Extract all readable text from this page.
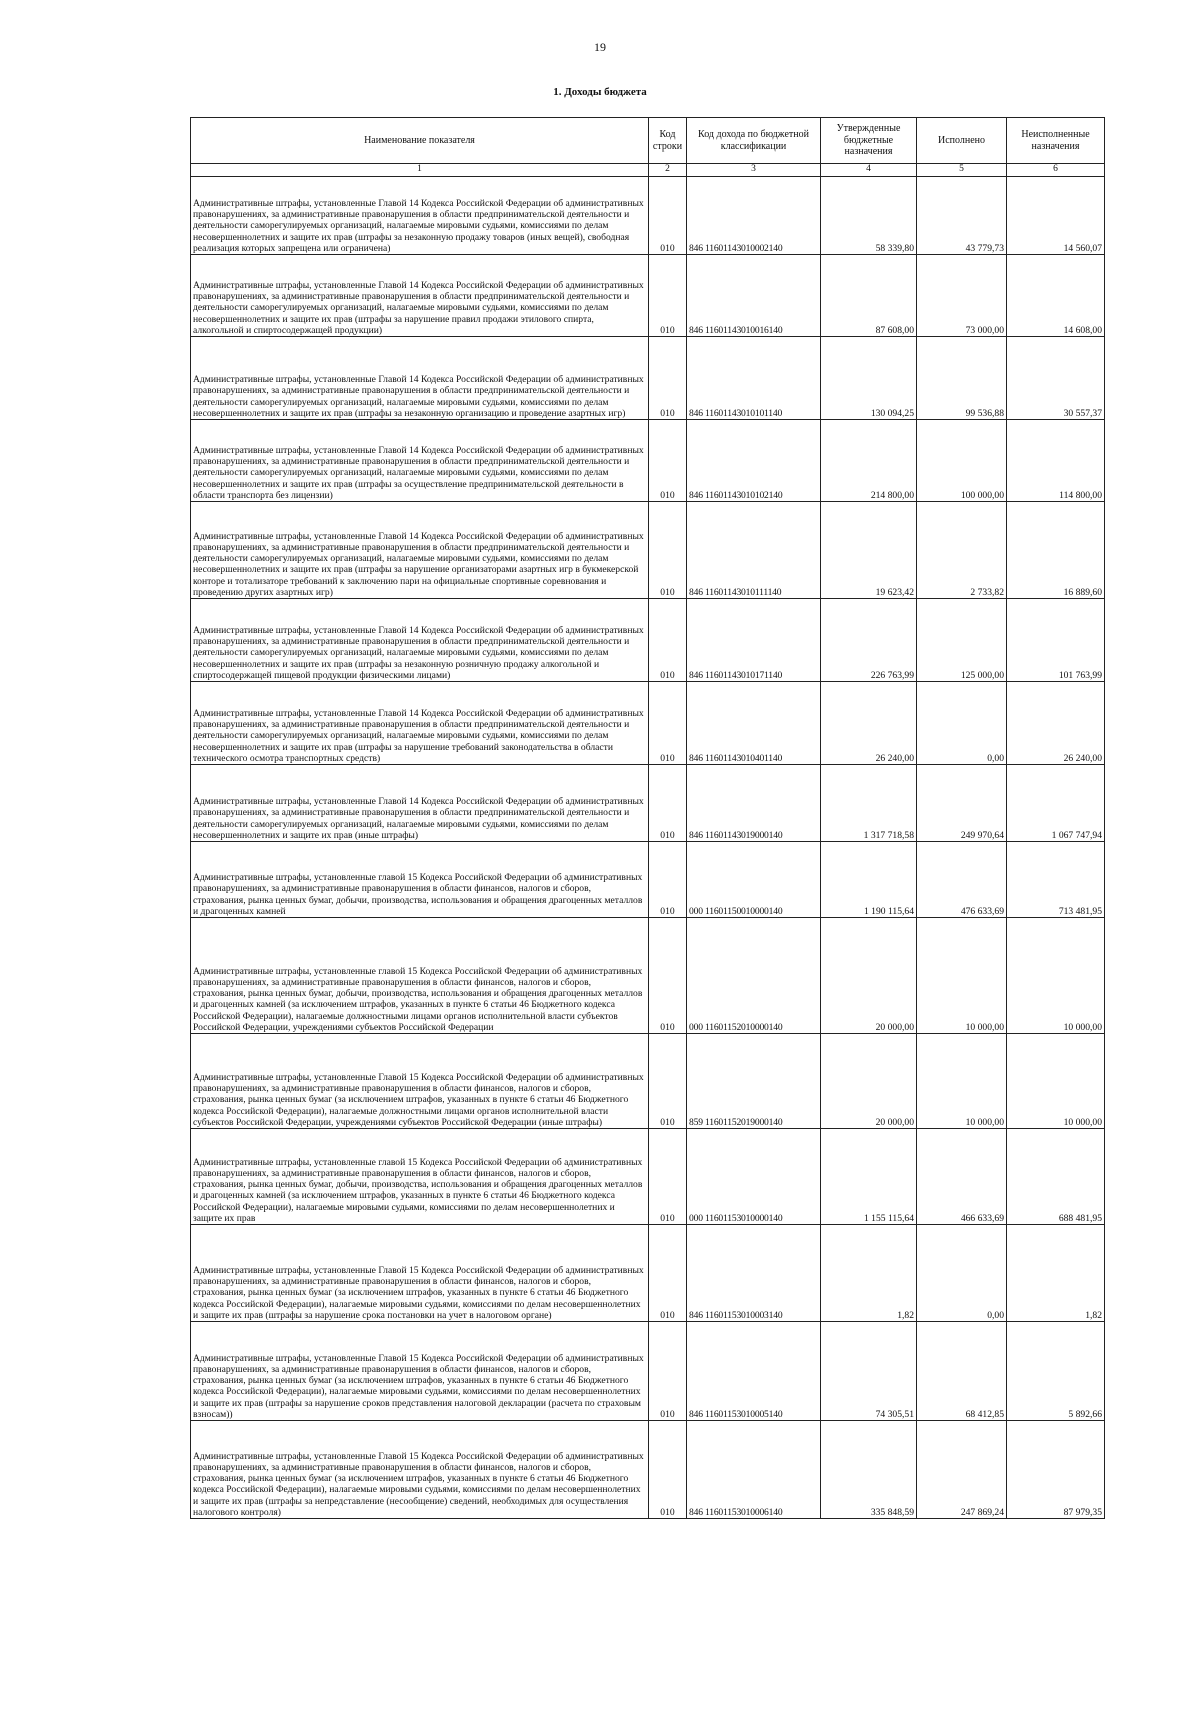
19
1. Доходы бюджета
Наименование показателя	Код строки	Код дохода по бюджетной классификации	Утвержденные бюджетные назначения	Исполнено	Неисполненные назначения
1	2	3	4	5	6
Административные штрафы, установленные Главой 14 Кодекса Российской Федерации об административных правонарушениях, за административные правонарушения в области предпринимательской деятельности и деятельности саморегулируемых организаций, налагаемые мировыми судьями, комиссиями по делам несовершеннолетних и защите их прав (штрафы за незаконную продажу товаров (иных вещей), свободная реализация которых запрещена или ограничена)	010	846 11601143010002140	58 339,80	43 779,73	14 560,07
Административные штрафы, установленные Главой 14 Кодекса Российской Федерации об административных правонарушениях, за административные правонарушения в области предпринимательской деятельности и деятельности саморегулируемых организаций, налагаемые мировыми судьями, комиссиями по делам несовершеннолетних и защите их прав (штрафы за нарушение правил продажи этилового спирта, алкогольной и спиртосодержащей продукции)	010	846 11601143010016140	87 608,00	73 000,00	14 608,00
Административные штрафы, установленные Главой 14 Кодекса Российской Федерации об административных правонарушениях, за административные правонарушения в области предпринимательской деятельности и деятельности саморегулируемых организаций, налагаемые мировыми судьями, комиссиями по делам несовершеннолетних и защите их прав (штрафы за незаконную организацию и проведение азартных игр)	010	846 11601143010101140	130 094,25	99 536,88	30 557,37
Административные штрафы, установленные Главой 14 Кодекса Российской Федерации об административных правонарушениях, за административные правонарушения в области предпринимательской деятельности и деятельности саморегулируемых организаций, налагаемые мировыми судьями, комиссиями по делам несовершеннолетних и защите их прав (штрафы за осуществление предпринимательской деятельности в области транспорта без лицензии)	010	846 11601143010102140	214 800,00	100 000,00	114 800,00
Административные штрафы, установленные Главой 14 Кодекса Российской Федерации об административных правонарушениях, за административные правонарушения в области предпринимательской деятельности и деятельности саморегулируемых организаций, налагаемые мировыми судьями, комиссиями по делам несовершеннолетних и защите их прав (штрафы за нарушение организаторами азартных игр в букмекерской конторе и тотализаторе требований к заключению пари на официальные спортивные соревнования и проведению других азартных игр)	010	846 11601143010111140	19 623,42	2 733,82	16 889,60
Административные штрафы, установленные Главой 14 Кодекса Российской Федерации об административных правонарушениях, за административные правонарушения в области предпринимательской деятельности и деятельности саморегулируемых организаций, налагаемые мировыми судьями, комиссиями по делам несовершеннолетних и защите их прав (штрафы за незаконную розничную продажу алкогольной и спиртосодержащей пищевой продукции физическими лицами)	010	846 11601143010171140	226 763,99	125 000,00	101 763,99
Административные штрафы, установленные Главой 14 Кодекса Российской Федерации об административных правонарушениях, за административные правонарушения в области предпринимательской деятельности и деятельности саморегулируемых организаций, налагаемые мировыми судьями, комиссиями по делам несовершеннолетних и защите их прав (штрафы за нарушение требований законодательства в области технического осмотра транспортных средств)	010	846 11601143010401140	26 240,00	0,00	26 240,00
Административные штрафы, установленные Главой 14 Кодекса Российской Федерации об административных правонарушениях, за административные правонарушения в области предпринимательской деятельности и деятельности саморегулируемых организаций, налагаемые мировыми судьями, комиссиями по делам несовершеннолетних и защите их прав (иные штрафы)	010	846 11601143019000140	1 317 718,58	249 970,64	1 067 747,94
Административные штрафы, установленные главой 15 Кодекса Российской Федерации об административных правонарушениях, за административные правонарушения в области финансов, налогов и сборов, страхования, рынка ценных бумаг, добычи, производства, использования и обращения драгоценных металлов и драгоценных камней	010	000 11601150010000140	1 190 115,64	476 633,69	713 481,95
Административные штрафы, установленные главой 15 Кодекса Российской Федерации об административных правонарушениях, за административные правонарушения в области финансов, налогов и сборов, страхования, рынка ценных бумаг, добычи, производства, использования и обращения драгоценных металлов и драгоценных камней (за исключением штрафов, указанных в пункте 6 статьи 46 Бюджетного кодекса Российской Федерации), налагаемые должностными лицами органов исполнительной власти субъектов Российской Федерации, учреждениями субъектов Российской Федерации	010	000 11601152010000140	20 000,00	10 000,00	10 000,00
Административные штрафы, установленные Главой 15 Кодекса Российской Федерации об административных правонарушениях, за административные правонарушения в области финансов, налогов и сборов, страхования, рынка ценных бумаг (за исключением штрафов, указанных в пункте 6 статьи 46 Бюджетного кодекса Российской Федерации), налагаемые должностными лицами органов исполнительной власти субъектов Российской Федерации, учреждениями субъектов Российской Федерации (иные штрафы)	010	859 11601152019000140	20 000,00	10 000,00	10 000,00
Административные штрафы, установленные главой 15 Кодекса Российской Федерации об административных правонарушениях, за административные правонарушения в области финансов, налогов и сборов, страхования, рынка ценных бумаг, добычи, производства, использования и обращения драгоценных металлов и драгоценных камней (за исключением штрафов, указанных в пункте 6 статьи 46 Бюджетного кодекса Российской Федерации), налагаемые мировыми судьями, комиссиями по делам несовершеннолетних и защите их прав	010	000 11601153010000140	1 155 115,64	466 633,69	688 481,95
Административные штрафы, установленные Главой 15 Кодекса Российской Федерации об административных правонарушениях, за административные правонарушения в области финансов, налогов и сборов, страхования, рынка ценных бумаг (за исключением штрафов, указанных в пункте 6 статьи 46 Бюджетного кодекса Российской Федерации), налагаемые мировыми судьями, комиссиями по делам несовершеннолетних и защите их прав (штрафы за нарушение срока постановки на учет в налоговом органе)	010	846 11601153010003140	1,82	0,00	1,82
Административные штрафы, установленные Главой 15 Кодекса Российской Федерации об административных правонарушениях, за административные правонарушения в области финансов, налогов и сборов, страхования, рынка ценных бумаг (за исключением штрафов, указанных в пункте 6 статьи 46 Бюджетного кодекса Российской Федерации), налагаемые мировыми судьями, комиссиями по делам несовершеннолетних и защите их прав (штрафы за нарушение сроков представления налоговой декларации (расчета по страховым взносам))	010	846 11601153010005140	74 305,51	68 412,85	5 892,66
Административные штрафы, установленные Главой 15 Кодекса Российской Федерации об административных правонарушениях, за административные правонарушения в области финансов, налогов и сборов, страхования, рынка ценных бумаг (за исключением штрафов, указанных в пункте 6 статьи 46 Бюджетного кодекса Российской Федерации), налагаемые мировыми судьями, комиссиями по делам несовершеннолетних и защите их прав (штрафы за непредставление (несообщение) сведений, необходимых для осуществления налогового контроля)	010	846 11601153010006140	335 848,59	247 869,24	87 979,35
